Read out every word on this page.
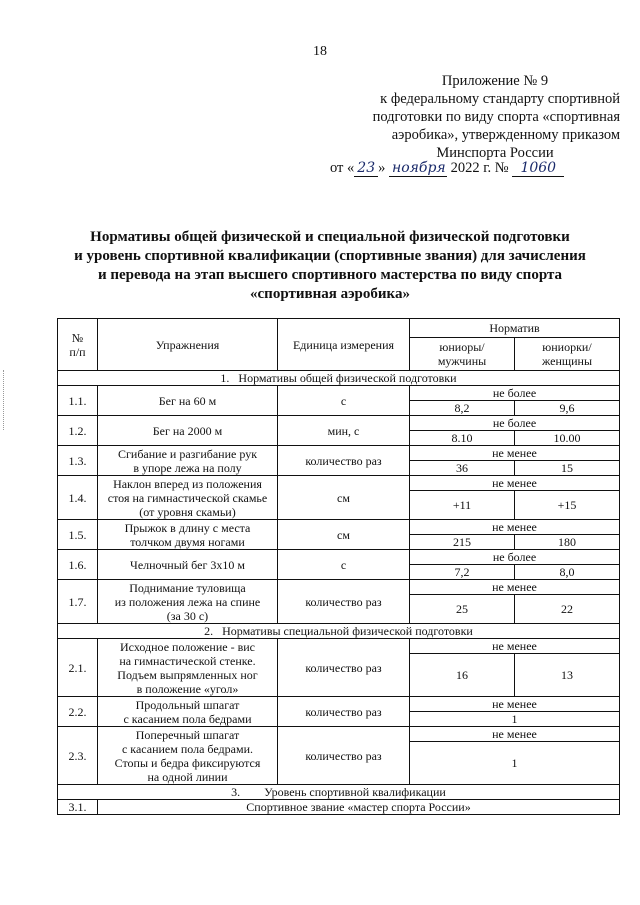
18
Приложение № 9
к федеральному стандарту спортивной
подготовки по виду спорта «спортивная
аэробика», утвержденному приказом
Минспорта России
от « 23 » ноября 2022 г. № 1060
Нормативы общей физической и специальной физической подготовки
и уровень спортивной квалификации (спортивные звания) для зачисления
и перевода на этап высшего спортивного мастерства по виду спорта
«спортивная аэробика»
№
п/п	Упражнения	Единица измерения	Норматив	
			юниоры/
мужчины	юниорки/
женщины
1.   Нормативы общей физической подготовки				
1.1.	Бег на 60 м	с	не более	
			8,2	9,6
1.2.	Бег на 2000 м	мин, с	не более	
			8.10	10.00
1.3.	Сгибание и разгибание рук
в упоре лежа на полу	количество раз	не менее	
			36	15
1.4.	Наклон вперед из положения
стоя на гимнастической скамье
(от уровня скамьи)	см	не менее	
			+11	+15
1.5.	Прыжок в длину с места
толчком двумя ногами	см	не менее	
			215	180
1.6.	Челночный бег 3x10 м	с	не более	
			7,2	8,0
1.7.	Поднимание туловища
из положения лежа на спине
(за 30 с)	количество раз	не менее	
			25	22
2.   Нормативы специальной физической подготовки				
2.1.	Исходное положение - вис
на гимнастической стенке.
Подъем выпрямленных ног
в положение «угол»	количество раз	не менее	
			16	13
2.2.	Продольный шпагат
с касанием пола бедрами	количество раз	не менее	
			1	
2.3.	Поперечный шпагат
с касанием пола бедрами.
Стопы и бедра фиксируются
на одной линии	количество раз	не менее	
			1	
3.        Уровень спортивной квалификации				
3.1.	Спортивное звание «мастер спорта России»			
